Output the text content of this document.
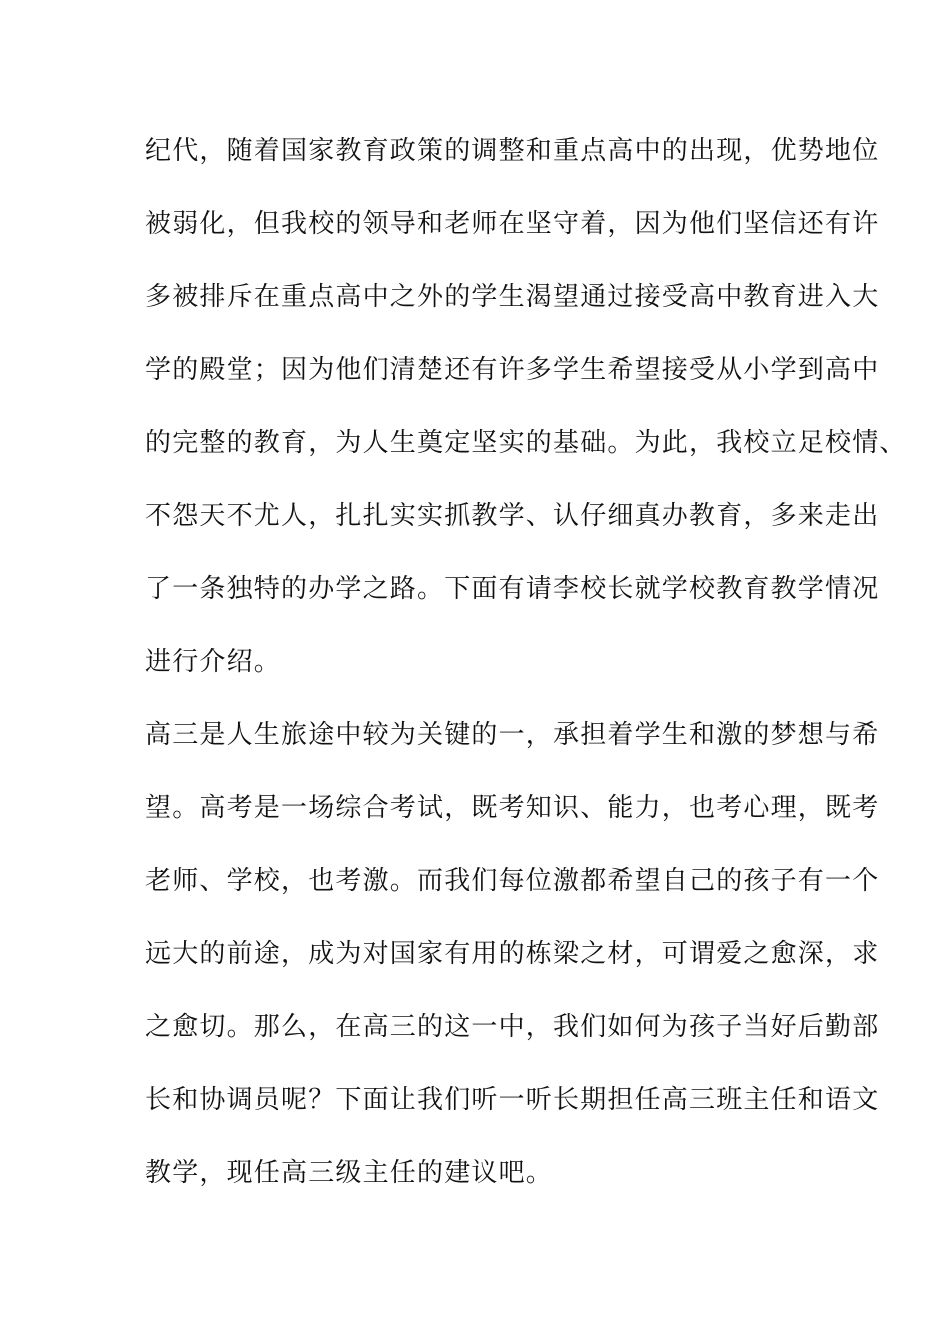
纪代，随着国家教育政策的调整和重点高中的出现，优势地位

被弱化，但我校的领导和老师在坚守着，因为他们坚信还有许

多被排斥在重点高中之外的学生渴望通过接受高中教育进入大

学的殿堂；因为他们清楚还有许多学生希望接受从小学到高中

的完整的教育，为人生奠定坚实的基础。为此，我校立足校情、

不怨天不尤人，扎扎实实抓教学、认仔细真办教育，多来走出

了一条独特的办学之路。下面有请李校长就学校教育教学情况

进行介绍。

高三是人生旅途中较为关键的一，承担着学生和激的梦想与希

望。高考是一场综合考试，既考知识、能力，也考心理，既考

老师、学校，也考激。而我们每位激都希望自己的孩子有一个

远大的前途，成为对国家有用的栋梁之材，可谓爱之愈深，求

之愈切。那么，在高三的这一中，我们如何为孩子当好后勤部

长和协调员呢？下面让我们听一听长期担任高三班主任和语文

教学，现任高三级主任的建议吧。
